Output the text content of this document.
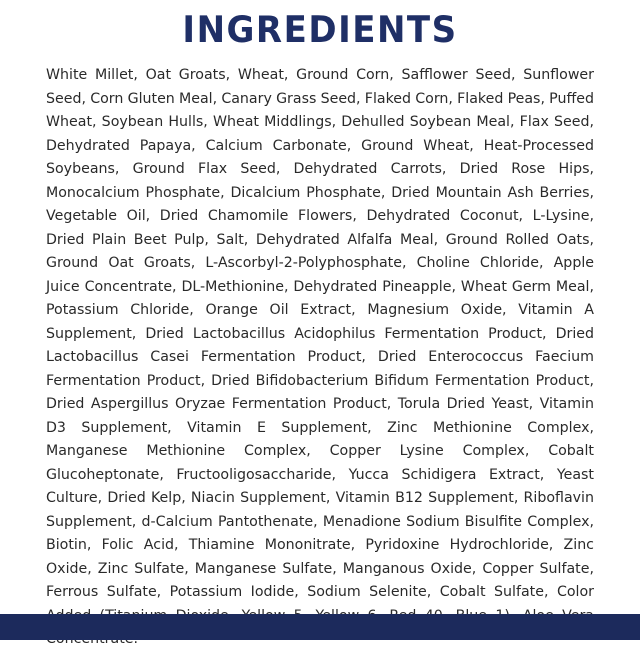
INGREDIENTS

White Millet, Oat Groats, Wheat, Ground Corn, Safflower Seed, Sunflower Seed, Corn Gluten Meal, Canary Grass Seed, Flaked Corn, Flaked Peas, Puffed Wheat, Soybean Hulls, Wheat Middlings, Dehulled Soybean Meal, Flax Seed, Dehydrated Papaya, Calcium Carbonate, Ground Wheat, Heat-Processed Soybeans, Ground Flax Seed, Dehydrated Carrots, Dried Rose Hips, Monocalcium Phosphate, Dicalcium Phosphate, Dried Mountain Ash Berries, Vegetable Oil, Dried Chamomile Flowers, Dehydrated Coconut, L-Lysine, Dried Plain Beet Pulp, Salt, Dehydrated Alfalfa Meal, Ground Rolled Oats, Ground Oat Groats, L-Ascorbyl-2-Polyphosphate, Choline Chloride, Apple Juice Concentrate, DL-Methionine, Dehydrated Pineapple, Wheat Germ Meal, Potassium Chloride, Orange Oil Extract, Magnesium Oxide, Vitamin A Supplement, Dried Lactobacillus Acidophilus Fermentation Product, Dried Lactobacillus Casei Fermentation Product, Dried Enterococcus Faecium Fermentation Product, Dried Bifidobacterium Bifidum Fermentation Product, Dried Aspergillus Oryzae Fermentation Product, Torula Dried Yeast, Vitamin D3 Supplement, Vitamin E Supplement, Zinc Methionine Complex, Manganese Methionine Complex, Copper Lysine Complex, Cobalt Glucoheptonate, Fructooligosaccharide, Yucca Schidigera Extract, Yeast Culture, Dried Kelp, Niacin Supplement, Vitamin B12 Supplement, Riboflavin Supplement, d-Calcium Pantothenate, Menadione Sodium Bisulfite Complex, Biotin, Folic Acid, Thiamine Mononitrate, Pyridoxine Hydrochloride, Zinc Oxide, Zinc Sulfate, Manganese Sulfate, Manganous Oxide, Copper Sulfate, Ferrous Sulfate, Potassium Iodide, Sodium Selenite, Cobalt Sulfate, Color
